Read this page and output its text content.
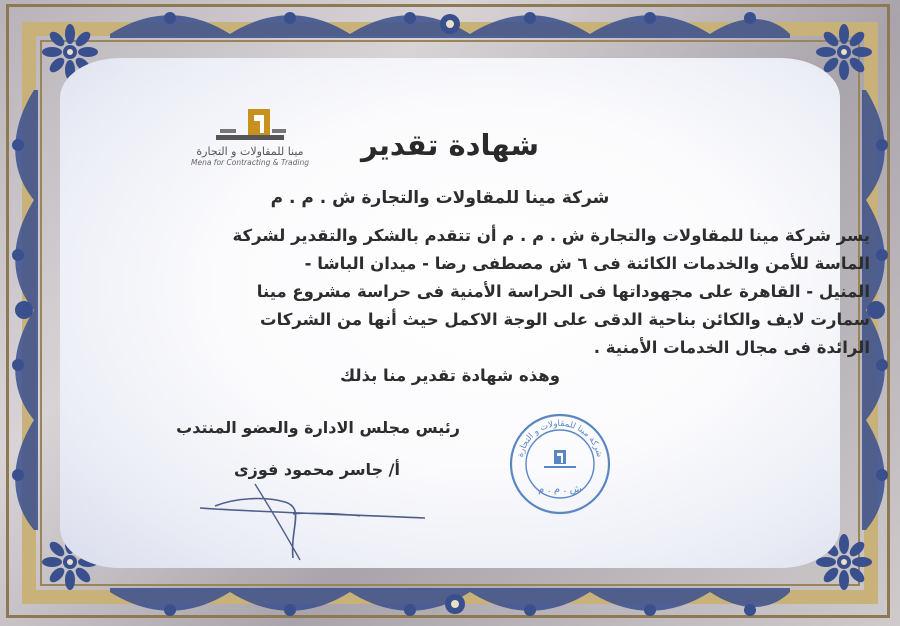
مينا للمقاولات و التجارة
Mena for Contracting & Trading
شهادة تقدير
شركة مينا للمقاولات والتجارة ش . م . م
يسر شركة مينا للمقاولات والتجارة ش . م . م أن تتقدم بالشكر والتقدير لشركة
الماسة للأمن والخدمات الكائنة فى ٦ ش مصطفى رضا - ميدان الباشا -
المنيل - القاهرة على مجهوداتها فى الحراسة الأمنية فى حراسة مشروع مينا
سمارت لايف والكائن بناحية الدقى على الوجة الاكمل حيث أنها من الشركات
الرائدة فى مجال الخدمات الأمنية .
وهذه شهادة تقدير منا بذلك
رئيس مجلس الادارة والعضو المنتدب
أ/ جاسر محمود فوزى
شركة مينا للمقاولات و التجارة
ش . م . م
